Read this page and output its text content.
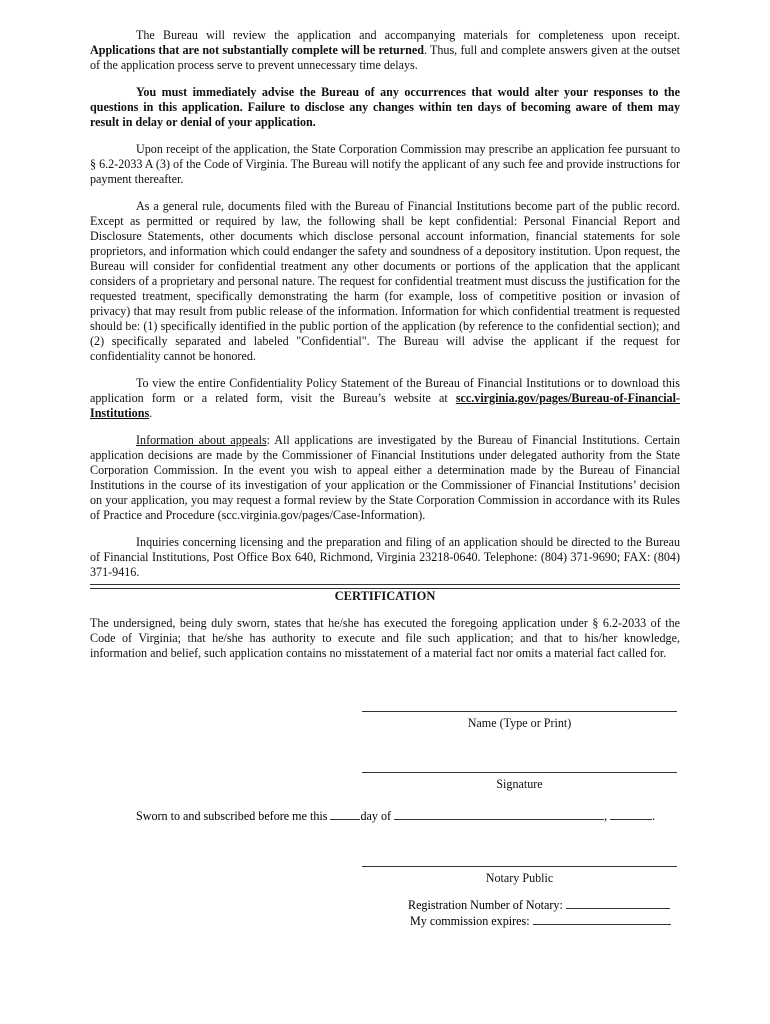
The Bureau will review the application and accompanying materials for completeness upon receipt. Applications that are not substantially complete will be returned. Thus, full and complete answers given at the outset of the application process serve to prevent unnecessary time delays.

You must immediately advise the Bureau of any occurrences that would alter your responses to the questions in this application. Failure to disclose any changes within ten days of becoming aware of them may result in delay or denial of your application.

Upon receipt of the application, the State Corporation Commission may prescribe an application fee pursuant to § 6.2-2033 A (3) of the Code of Virginia. The Bureau will notify the applicant of any such fee and provide instructions for payment thereafter.

As a general rule, documents filed with the Bureau of Financial Institutions become part of the public record. Except as permitted or required by law, the following shall be kept confidential: Personal Financial Report and Disclosure Statements, other documents which disclose personal account information, financial statements for sole proprietors, and information which could endanger the safety and soundness of a depository institution. Upon request, the Bureau will consider for confidential treatment any other documents or portions of the application that the applicant considers of a proprietary and personal nature. The request for confidential treatment must discuss the justification for the requested treatment, specifically demonstrating the harm (for example, loss of competitive position or invasion of privacy) that may result from public release of the information. Information for which confidential treatment is requested should be: (1) specifically identified in the public portion of the application (by reference to the confidential section); and (2) specifically separated and labeled "Confidential". The Bureau will advise the applicant if the request for confidentiality cannot be honored.

To view the entire Confidentiality Policy Statement of the Bureau of Financial Institutions or to download this application form or a related form, visit the Bureau’s website at scc.virginia.gov/pages/Bureau-of-Financial-Institutions.

Information about appeals: All applications are investigated by the Bureau of Financial Institutions. Certain application decisions are made by the Commissioner of Financial Institutions under delegated authority from the State Corporation Commission. In the event you wish to appeal either a determination made by the Bureau of Financial Institutions in the course of its investigation of your application or the Commissioner of Financial Institutions’ decision on your application, you may request a formal review by the State Corporation Commission in accordance with its Rules of Practice and Procedure (scc.virginia.gov/pages/Case-Information).

Inquiries concerning licensing and the preparation and filing of an application should be directed to the Bureau of Financial Institutions, Post Office Box 640, Richmond, Virginia 23218-0640. Telephone: (804) 371-9690; FAX: (804) 371-9416.

CERTIFICATION

The undersigned, being duly sworn, states that he/she has executed the foregoing application under § 6.2-2033 of the Code of Virginia; that he/she has authority to execute and file such application; and that to his/her knowledge, information and belief, such application contains no misstatement of a material fact nor omits a material fact called for.

Name (Type or Print)
Signature
Sworn to and subscribed before me this	day of	,	.
Notary Public
Registration Number of Notary:
My commission expires:
